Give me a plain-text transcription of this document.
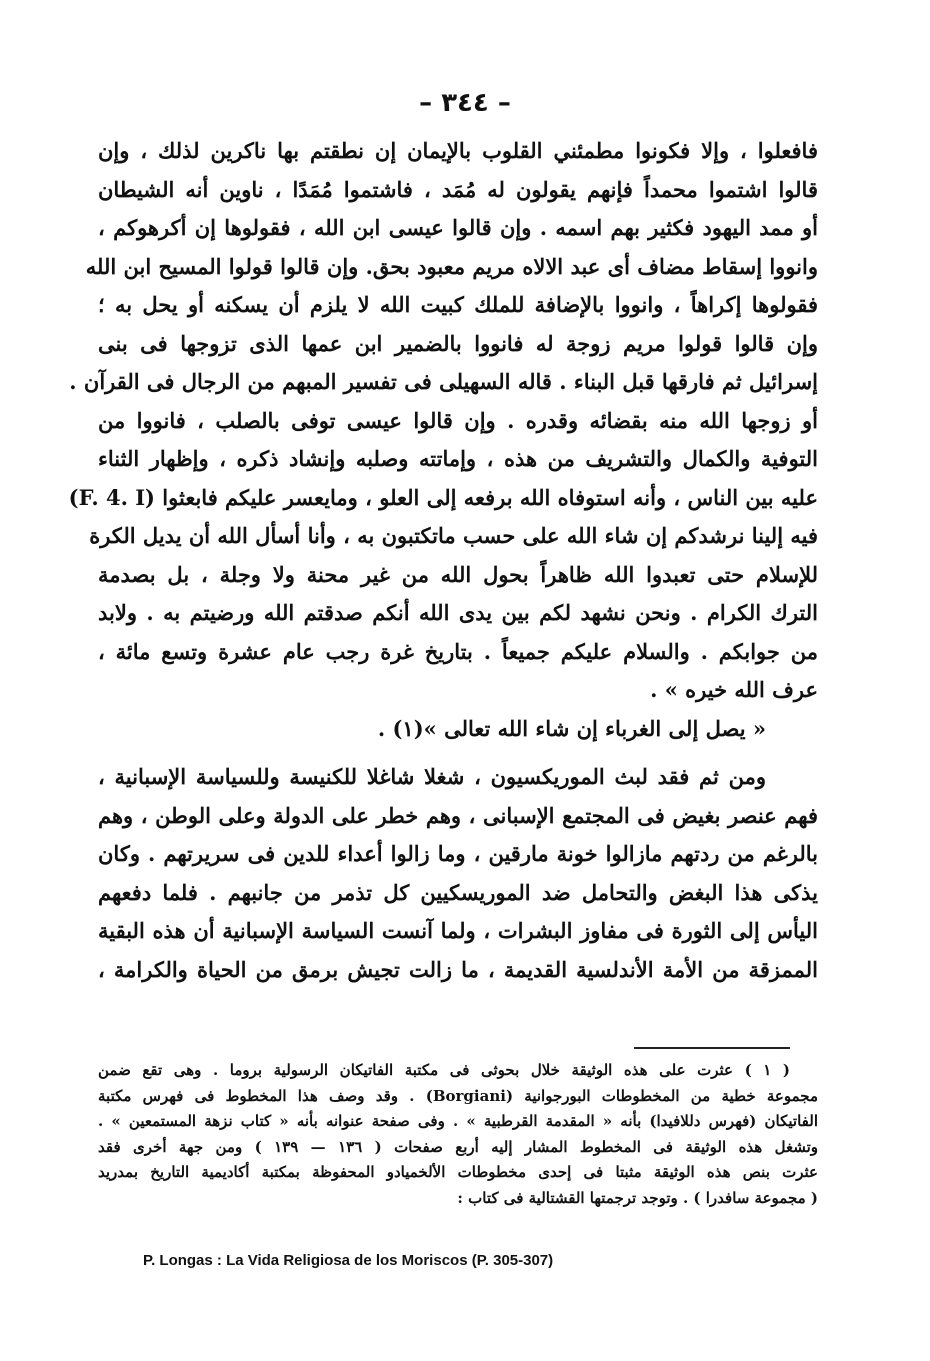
– ٣٤٤ –
فافعلوا ، وإلا فكونوا مطمئني القلوب بالإيمان إن نطقتم بها ناكرين لذلك ، وإن
قالوا اشتموا محمداً فإنهم يقولون له مُمَد ، فاشتموا مُمَدًا ، ناوين أنه الشيطان
أو ممد اليهود فكثير بهم اسمه . وإن قالوا عيسى ابن الله ، فقولوها إن أكرهوكم ،
وانووا إسقاط مضاف أى عبد الالاه مريم معبود بحق. وإن قالوا قولوا المسيح ابن الله
فقولوها إكراهاً ، وانووا بالإضافة للملك كبيت الله لا يلزم أن يسكنه أو يحل به ؛
وإن قالوا قولوا مريم زوجة له فانووا بالضمير ابن عمها الذى تزوجها فى بنى
إسرائيل ثم فارقها قبل البناء . قاله السهيلى فى تفسير المبهم من الرجال فى القرآن .
أو زوجها الله منه بقضائه وقدره . وإن قالوا عيسى توفى بالصلب ، فانووا من
التوفية والكمال والتشريف من هذه ، وإماتته وصلبه وإنشاد ذكره ، وإظهار الثناء
عليه بين الناس ، وأنه استوفاه الله برفعه إلى العلو ، ومايعسر عليكم فابعثوا (F. 4. I)
فيه إلينا نرشدكم إن شاء الله على حسب ماتكتبون به ، وأنا أسأل الله أن يديل الكرة
للإسلام حتى تعبدوا الله ظاهراً بحول الله من غير محنة ولا وجلة ، بل بصدمة
الترك الكرام . ونحن نشهد لكم بين يدى الله أنكم صدقتم الله ورضيتم به . ولابد
من جوابكم . والسلام عليكم جميعاً . بتاريخ غرة رجب عام عشرة وتسع مائة ،
عرف الله خيره » .
« يصل إلى الغرباء إن شاء الله تعالى »(١) .
ومن ثم فقد لبث الموريكسيون ، شغلا شاغلا للكنيسة وللسياسة الإسبانية ،
فهم عنصر بغيض فى المجتمع الإسبانى ، وهم خطر على الدولة وعلى الوطن ، وهم
بالرغم من ردتهم مازالوا خونة مارقين ، وما زالوا أعداء للدين فى سريرتهم . وكان
يذكى هذا البغض والتحامل ضد الموريسكيين كل تذمر من جانبهم . فلما دفعهم
اليأس إلى الثورة فى مفاوز البشرات ، ولما آنست السياسة الإسبانية أن هذه البقية
الممزقة من الأمة الأندلسية القديمة ، ما زالت تجيش برمق من الحياة والكرامة ،
( ١ ) عثرت على هذه الوثيقة خلال بحوثى فى مكتبة الفاتيكان الرسولية بروما . وهى تقع ضمن
مجموعة خطية من المخطوطات البورجوانية (Borgiani) . وقد وصف هذا المخطوط فى فهرس مكتبة
الفاتيكان (فهرس دللافيدا) بأنه « المقدمة القرطبية » . وفى صفحة عنوانه بأنه « كتاب نزهة المستمعين » .
وتشغل هذه الوثيقة فى المخطوط المشار إليه أربع صفحات ( ١٣٦ — ١٣٩ ) ومن جهة أخرى فقد
عثرت بنص هذه الوثيقة مثبتا فى إحدى مخطوطات الألخميادو المحفوظة بمكتبة أكاديمية التاريخ بمدريد
( مجموعة سافدرا ) . وتوجد ترجمتها القشتالية فى كتاب :
P. Longas : La Vida Religiosa de los Moriscos (P. 305-307)
